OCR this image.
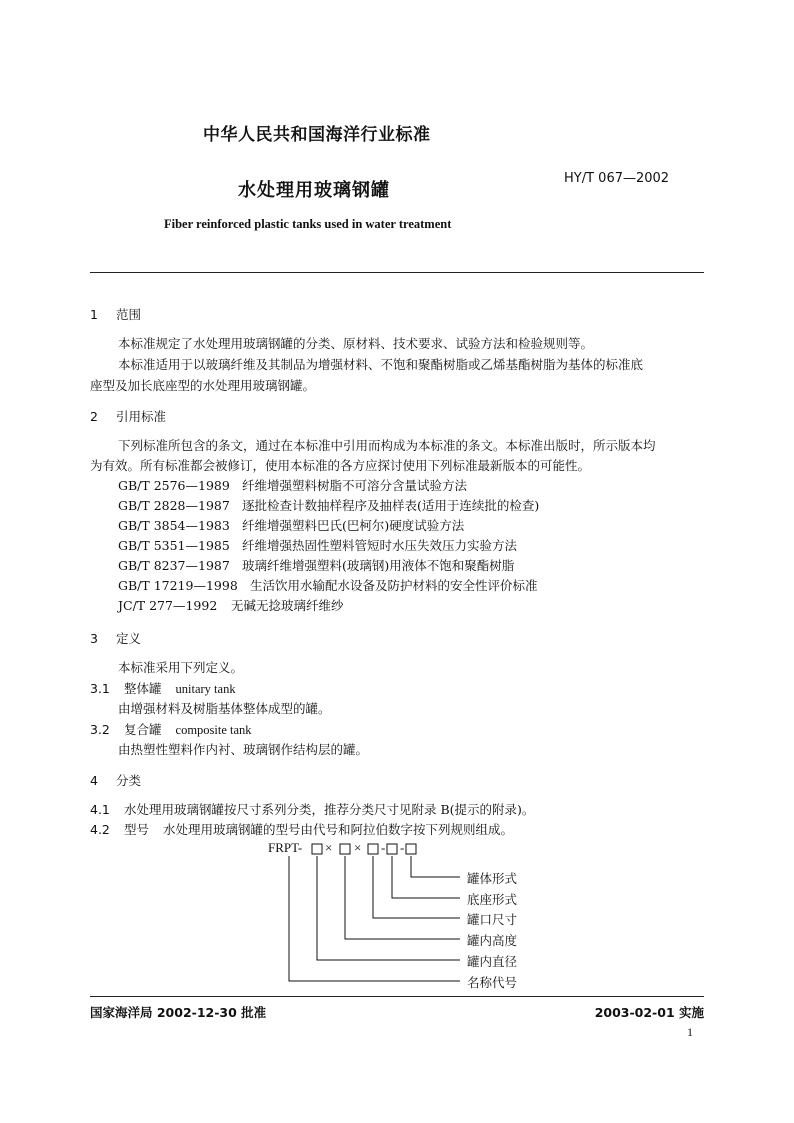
中华人民共和国海洋行业标准
水处理用玻璃钢罐
HY/T 067—2002
Fiber reinforced plastic tanks used in water treatment
1 范围
本标准规定了水处理用玻璃钢罐的分类、原材料、技术要求、试验方法和检验规则等。
本标准适用于以玻璃纤维及其制品为增强材料、不饱和聚酯树脂或乙烯基酯树脂为基体的标准底
座型及加长底座型的水处理用玻璃钢罐。
2 引用标准
下列标准所包含的条文，通过在本标准中引用而构成为本标准的条文。本标准出版时，所示版本均
为有效。所有标准都会被修订，使用本标准的各方应探讨使用下列标准最新版本的可能性。
GB/T 2576—1989 纤维增强塑料树脂不可溶分含量试验方法
GB/T 2828—1987 逐批检查计数抽样程序及抽样表(适用于连续批的检查)
GB/T 3854—1983 纤维增强塑料巴氏(巴柯尔)硬度试验方法
GB/T 5351—1985 纤维增强热固性塑料管短时水压失效压力实验方法
GB/T 8237—1987 玻璃纤维增强塑料(玻璃钢)用液体不饱和聚酯树脂
GB/T 17219—1998 生活饮用水输配水设备及防护材料的安全性评价标准
JC/T 277—1992 无碱无捻玻璃纤维纱
3 定义
本标准采用下列定义。
3.1 整体罐 unitary tank
由增强材料及树脂基体整体成型的罐。
3.2 复合罐 composite tank
由热塑性塑料作内衬、玻璃钢作结构层的罐。
4 分类
4.1 水处理用玻璃钢罐按尺寸系列分类，推荐分类尺寸见附录 B(提示的附录)。
4.2 型号 水处理用玻璃钢罐的型号由代号和阿拉伯数字按下列规则组成。
FRPT- × × - -
罐体形式
底座形式
罐口尺寸
罐内高度
罐内直径
名称代号
国家海洋局 2002-12-30 批准	2003-02-01 实施
1
